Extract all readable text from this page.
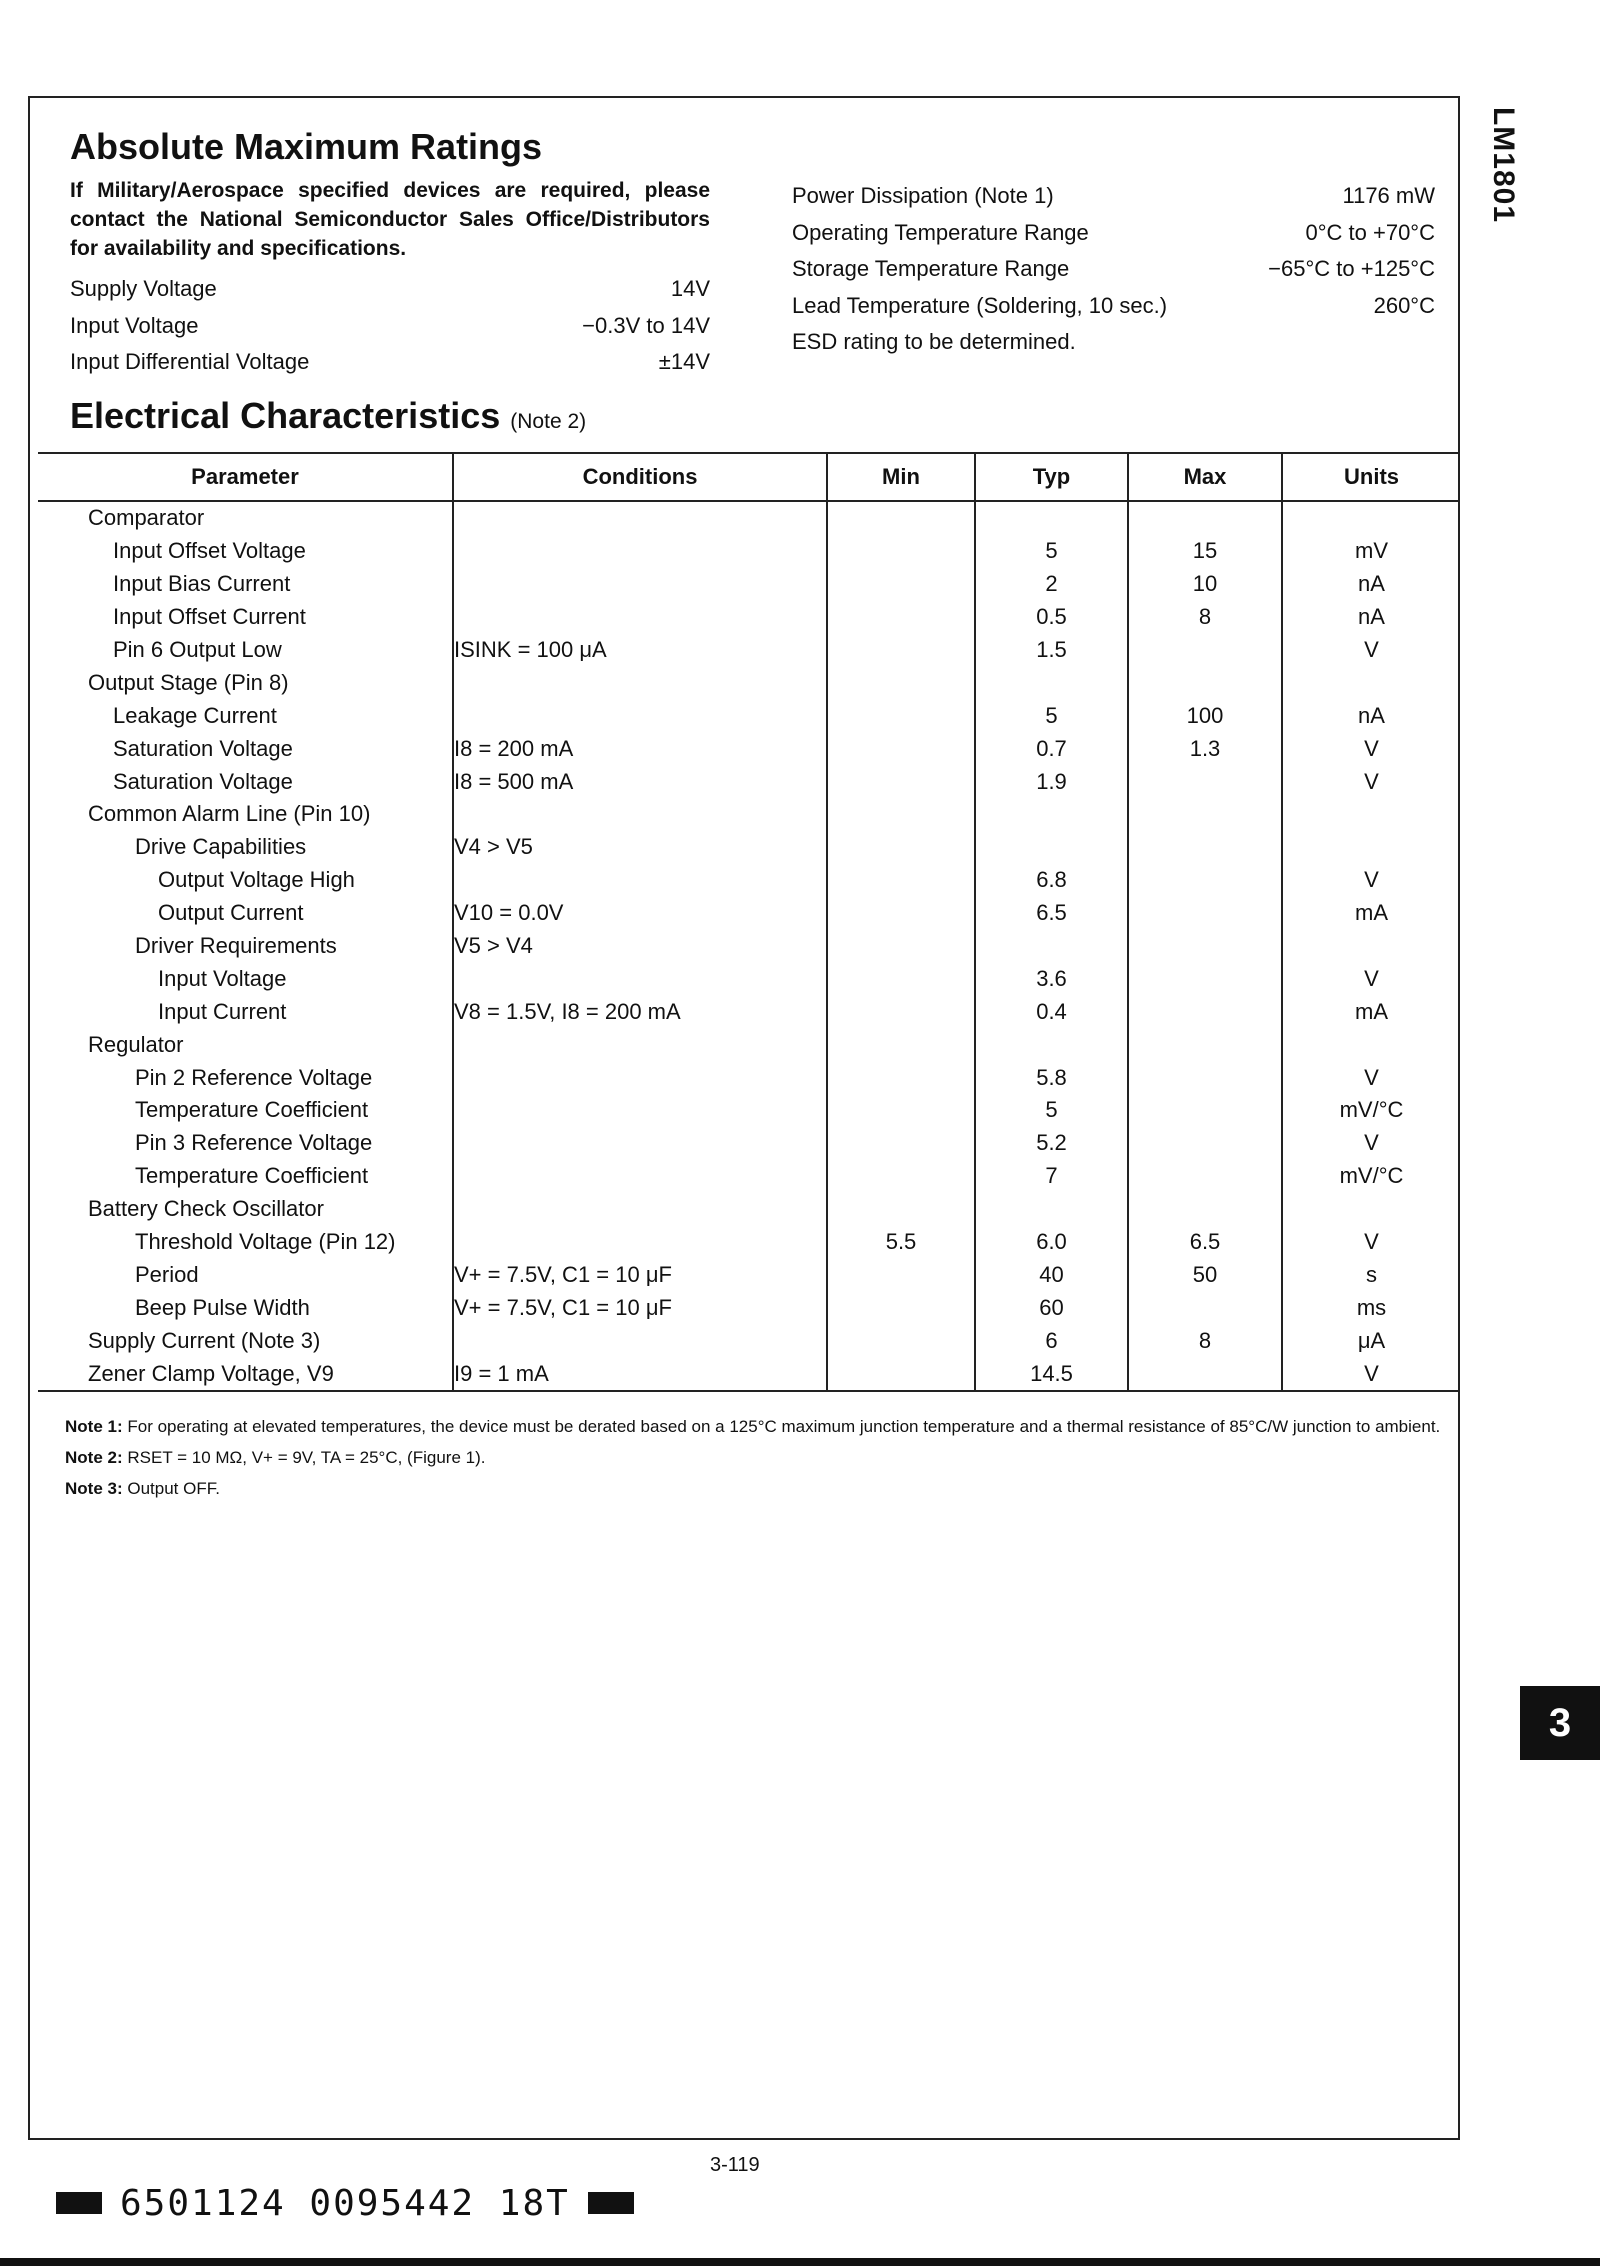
LM1801
3
Absolute Maximum Ratings
If Military/Aerospace specified devices are required, please contact the National Semiconductor Sales Office/Distributors for availability and specifications.
Supply Voltage	14V
Input Voltage	−0.3V to 14V
Input Differential Voltage	±14V
Power Dissipation (Note 1)	1176 mW
Operating Temperature Range	0°C to +70°C
Storage Temperature Range	−65°C to +125°C
Lead Temperature (Soldering, 10 sec.)	260°C
ESD rating to be determined.
Electrical Characteristics (Note 2)
Parameter	Conditions	Min	Typ	Max	Units
Comparator					
Input Offset Voltage			5	15	mV
Input Bias Current			2	10	nA
Input Offset Current			0.5	8	nA
Pin 6 Output Low	ISINK = 100 μA		1.5		V
Output Stage (Pin 8)					
Leakage Current			5	100	nA
Saturation Voltage	I8 = 200 mA		0.7	1.3	V
Saturation Voltage	I8 = 500 mA		1.9		V
Common Alarm Line (Pin 10)					
Drive Capabilities	V4 > V5				
Output Voltage High			6.8		V
Output Current	V10 = 0.0V		6.5		mA
Driver Requirements	V5 > V4				
Input Voltage			3.6		V
Input Current	V8 = 1.5V, I8 = 200 mA		0.4		mA
Regulator					
Pin 2 Reference Voltage			5.8		V
Temperature Coefficient			5		mV/°C
Pin 3 Reference Voltage			5.2		V
Temperature Coefficient			7		mV/°C
Battery Check Oscillator					
Threshold Voltage (Pin 12)		5.5	6.0	6.5	V
Period	V+ = 7.5V, C1 = 10 μF		40	50	s
Beep Pulse Width	V+ = 7.5V, C1 = 10 μF		60		ms
Supply Current (Note 3)			6	8	μA
Zener Clamp Voltage, V9	I9 = 1 mA		14.5		V

Note 1: For operating at elevated temperatures, the device must be derated based on a 125°C maximum junction temperature and a thermal resistance of 85°C/W junction to ambient.

Note 2: RSET = 10 MΩ, V+ = 9V, TA = 25°C, (Figure 1).

Note 3: Output OFF.

3-119
6501124 0095442 18T
